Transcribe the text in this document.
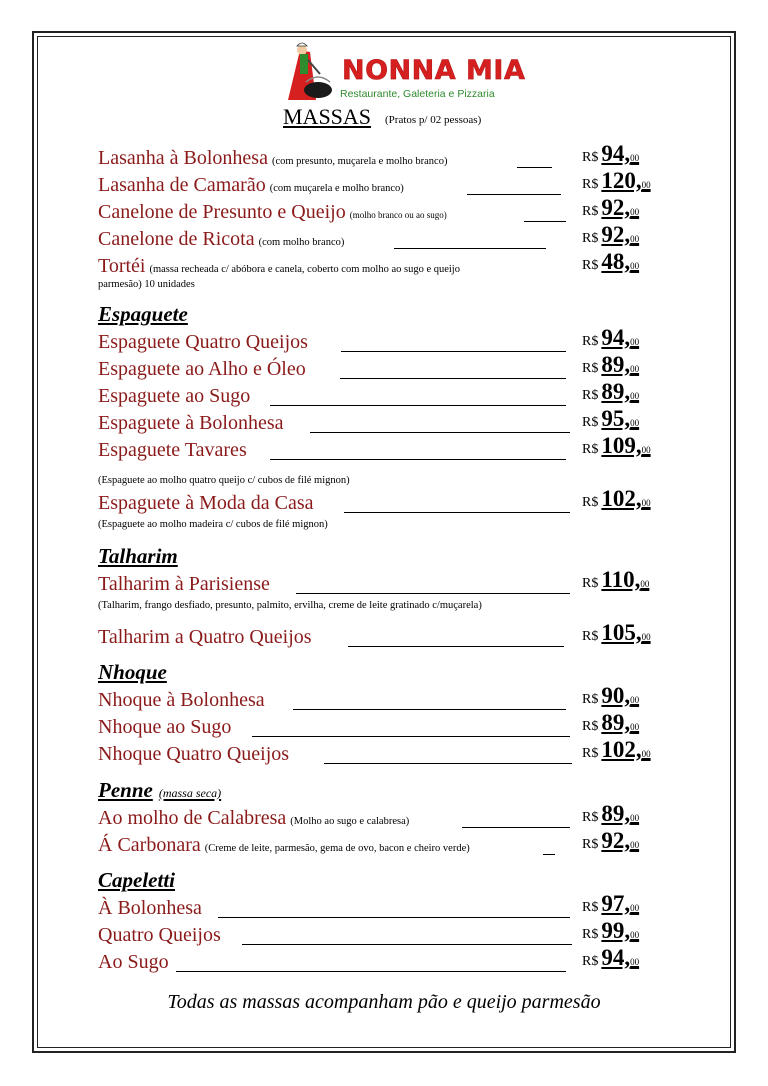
NONNA MIA
Restaurante, Galeteria e Pizzaria
MASSAS (Pratos p/ 02 pessoas)
Lasanha à Bolonhesa (com presunto, muçarela e molho branco)	R$ 94,00
Lasanha de Camarão (com muçarela e molho branco)	R$ 120,00
Canelone de Presunto e Queijo (molho branco ou ao sugo)	R$ 92,00
Canelone de Ricota (com molho branco)	R$ 92,00
Tortéi (massa recheada c/ abóbora e canela, coberto com molho ao sugo e queijo	R$ 48,00
parmesão) 10 unidades
Espaguete
Espaguete Quatro Queijos	R$ 94,00
Espaguete ao Alho e Óleo	R$ 89,00
Espaguete ao Sugo	R$ 89,00
Espaguete à Bolonhesa	R$ 95,00
Espaguete Tavares	R$ 109,00
(Espaguete ao molho quatro queijo c/ cubos de filé mignon)
Espaguete à Moda da Casa	R$ 102,00
(Espaguete ao molho madeira c/ cubos de filé mignon)
Talharim
Talharim à Parisiense	R$ 110,00
(Talharim, frango desfiado, presunto, palmito, ervilha, creme de leite gratinado c/muçarela)
Talharim a Quatro Queijos	R$ 105,00
Nhoque
Nhoque à Bolonhesa	R$ 90,00
Nhoque ao Sugo	R$ 89,00
Nhoque Quatro Queijos	R$ 102,00
Penne (massa seca)
Ao molho de Calabresa (Molho ao sugo e calabresa)	R$ 89,00
Á Carbonara (Creme de leite, parmesão, gema de ovo, bacon e cheiro verde)	R$ 92,00
Capeletti
À Bolonhesa	R$ 97,00
Quatro Queijos	R$ 99,00
Ao Sugo	R$ 94,00
Todas as massas acompanham pão e queijo parmesão
